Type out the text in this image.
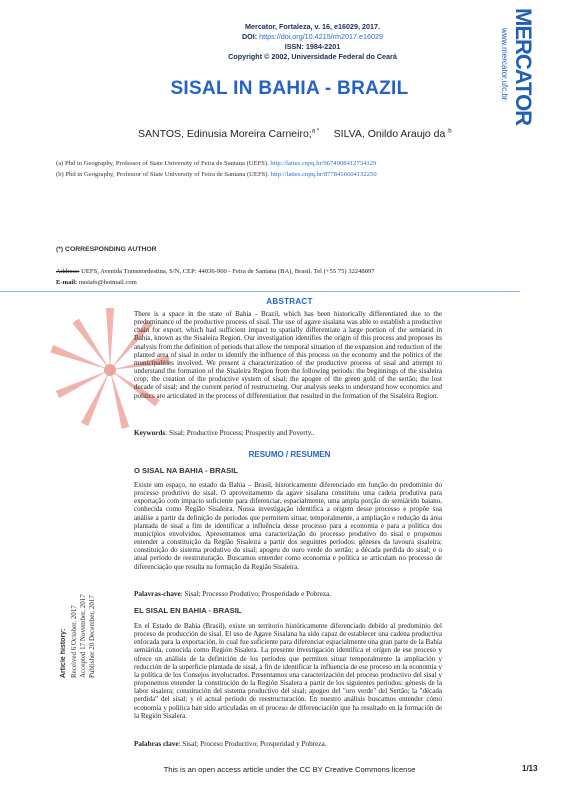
Mercator, Fortaleza, v. 16, e16029, 2017.
DOI: https://doi.org/10.4215/rm2017.e16029
ISSN: 1984-2201
Copyright © 2002, Universidade Federal do Ceará	www.mercator.ufc.br MERCATOR
SISAL IN BAHIA - BRAZIL
SANTOS, Edinusia Moreira Carneiro;$^{a *}$ SILVA, Onildo Araujo da $^b$
(a) Phd in Geography, Professor of State University of Feira de Santana (UEFS). http://lattes.cnpq.br/9674908412734129
(b) Phd in Geography, Professor of State University of Feira de Santana (UEFS). http://lattes.cnpq.br/8778416604132250
(*) CORRESPONDING AUTHOR
Address: UEFS, Avenida Transnordestina, S/N, CEP: 44036-900 - Feira de Santana (BA), Brasil. Tel (+55 75) 32248097
E-mail: nusiafs@hotmail.com
ABSTRACT
There is a space in the state of Bahia - Brazil, which has been historically differentiated due to the predominance of the productive process of sisal. The use of agave sisalana was able to establish a productive chain for export, which had sufficient impact to spatially differentiate a large portion of the semiarid in Bahia, known as the Sisaleira Region. Our investigation identifies the origin of this process and proposes its analysis from the definition of periods that allow the temporal situation of the expansion and reduction of the planted area of sisal in order to identify the influence of this process on the economy and the politics of the municipalities involved. We present a characterization of the productive process of sisal and attempt to understand the formation of the Sisaleira Region from the following periods: the beginnings of the sisaleira crop; the creation of the productive system of sisal; the apogee of the green gold of the sertão; the lost decade of sisal; and the current period of restructuring. Our analysis seeks to understand how economics and politics are articulated in the process of differentiation that resulted in the formation of the Sisaleira Region.
Keywords: Sisal; Productive Process; Prosperity and Poverty..
RESUMO / RESUMEN
O SISAL NA BAHIA - BRASIL
Existe um espaço, no estado da Bahia – Brasil, historicamente diferenciado em função do predomínio do processo produtivo do sisal. O aproveitamento da agave sisalana constituiu uma cadeia produtiva para exportação com impacto suficiente para diferenciar, espacialmente, uma ampla porção do semiárido baiano, conhecida como Região Sisaleira. Nossa investigação identifica a origem desse processo e propõe sua análise a partir da definição de períodos que permitem situar, temporalmente, a ampliação e redução da área plantada de sisal a fim de identificar a influência desse processo para a economia e para a política dos municípios envolvidos. Apresentamos uma caracterização do processo produtivo do sisal e propomos entender a constituição da Região Sisaleira a partir dos seguintes períodos: gêneses da lavoura sisaleira; constituição do sistema produtivo do sisal; apogeu do ouro verde do sertão; a década perdida do sisal; e o atual período de reestruturação. Buscamos entender como economia e política se articulam no processo de diferenciação que resulta na formação da Região Sisaleira.
Palavras-chave: Sisal; Processo Produtivo; Prosperidade e Pobreza.
EL SISAL EN BAHIA - BRASIL
En el Estado de Bahia (Brasil), existe un territorio históricamente diferenciado debido al predominio del proceso de producción de sisal. El uso de Agave Sisalana ha sido capaz de establecer una cadena productiva enfocada para la exportación, lo cual fue suficiente para diferenciar espacialmente una gran parte de la Bahía semiárida, conocida como Región Sisalera. La presente investigación identifica el origen de ese proceso y ofrece un análisis de la definición de los períodos que permiten situar temporalmente la ampliación y reducción de la superficie plantada de sisal, a fin de identificar la influencia de ese proceso en la economía y la política de los Consejos involucrados. Presentamos una caracterización del proceso productivo del sisal y proponemos entender la constitución de la Región Sisalera a partir de los siguientes períodos: génesis de la labor sisalera; constitución del sistema productivo del sisal; apogeo del "oro verde" del Sertão; la "década perdida" del sisal; y el actual período de reestructuración. En nuestro análisis buscamos entender cómo economía y política han sido articuladas en el proceso de diferenciación que ha resultado en la formación de la Región Sisalera.
Palabras clave: Sisal; Proceso Productivo; Prosperidad y Pobreza.
Article history: Received 6 October, 2017 Accepted 17 November, 2017 Publisher 20 December, 2017
This is an open access article under the CC BY Creative Commons license	1/13
